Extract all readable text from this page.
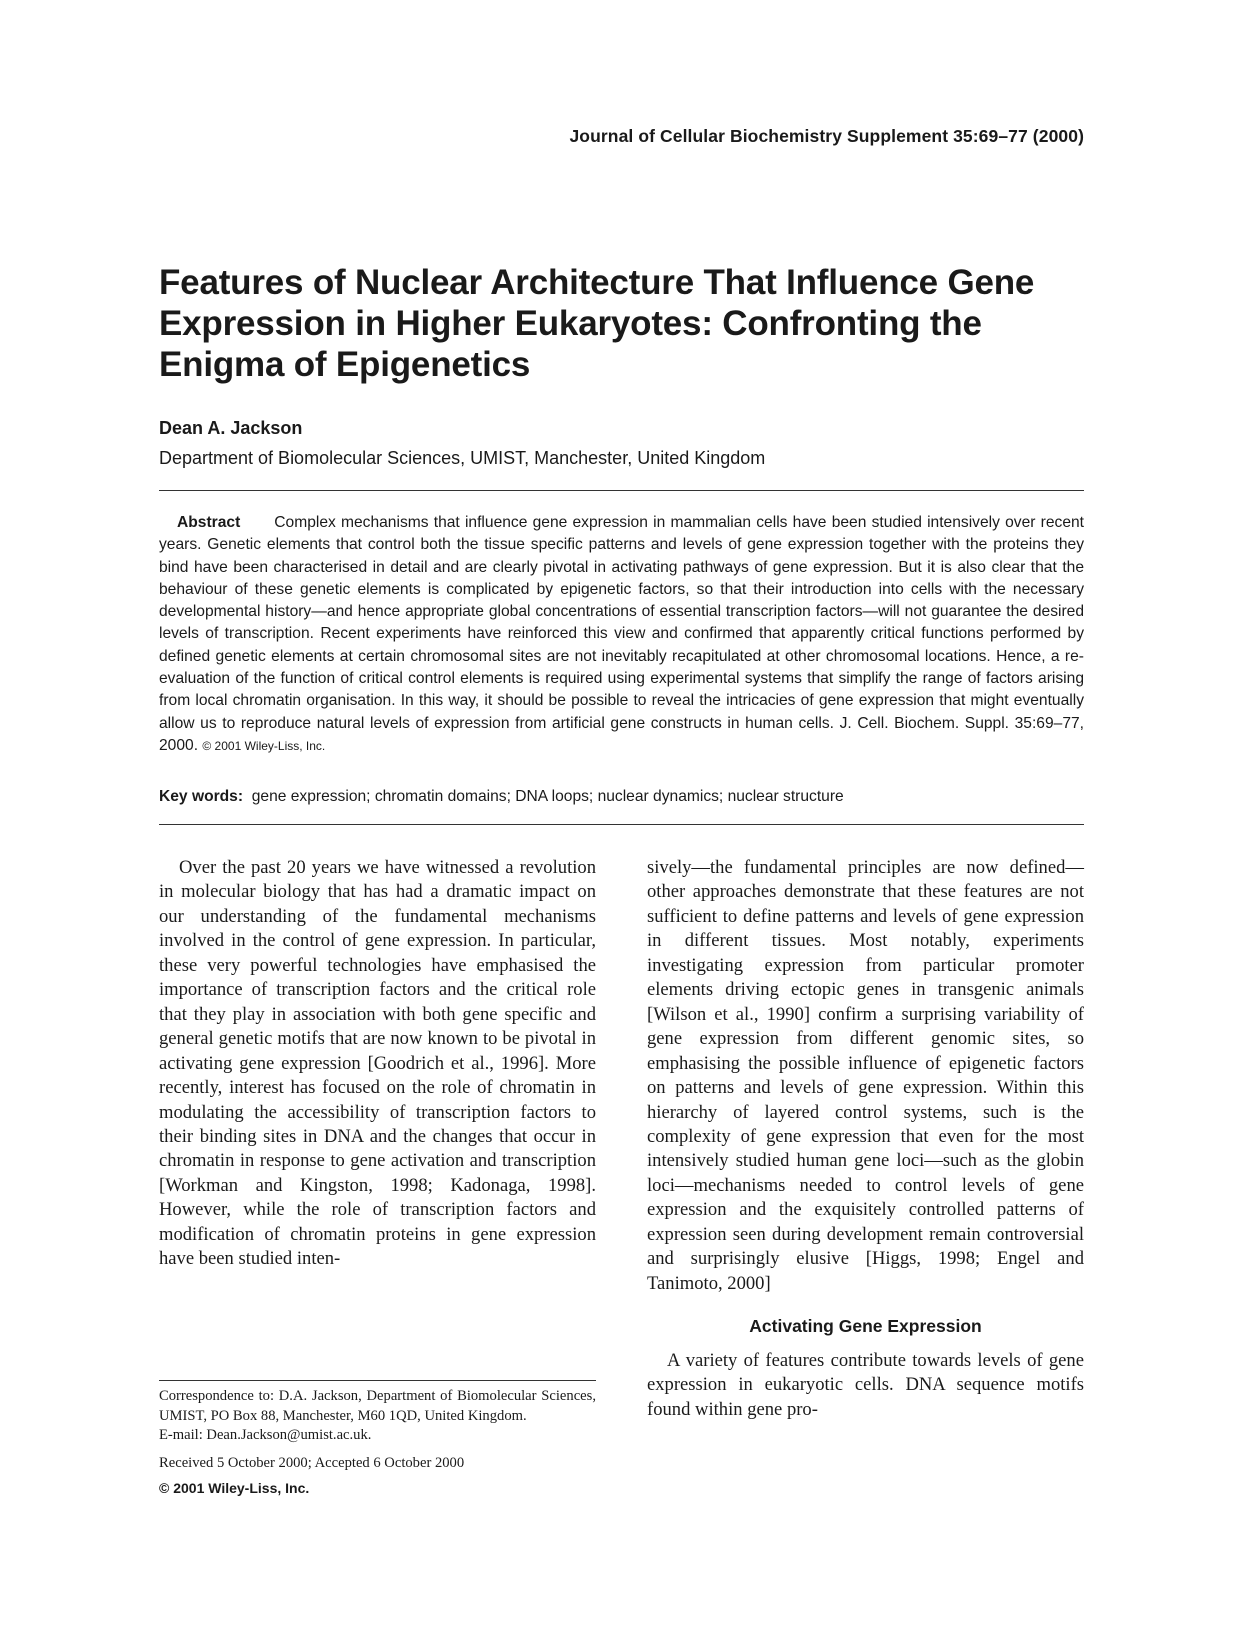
Journal of Cellular Biochemistry Supplement 35:69–77 (2000)
Features of Nuclear Architecture That Influence Gene
Expression in Higher Eukaryotes: Confronting the
Enigma of Epigenetics
Dean A. Jackson
Department of Biomolecular Sciences, UMIST, Manchester, United Kingdom
Abstract Complex mechanisms that influence gene expression in mammalian cells have been studied intensively over recent years. Genetic elements that control both the tissue specific patterns and levels of gene expression together with the proteins they bind have been characterised in detail and are clearly pivotal in activating pathways of gene expression. But it is also clear that the behaviour of these genetic elements is complicated by epigenetic factors, so that their introduction into cells with the necessary developmental history—and hence appropriate global concentrations of essential transcription factors—will not guarantee the desired levels of transcription. Recent experiments have reinforced this view and confirmed that apparently critical functions performed by defined genetic elements at certain chromosomal sites are not inevitably recapitulated at other chromosomal locations. Hence, a re-evaluation of the function of critical control elements is required using experimental systems that simplify the range of factors arising from local chromatin organisation. In this way, it should be possible to reveal the intricacies of gene expression that might eventually allow us to reproduce natural levels of expression from artificial gene constructs in human cells. J. Cell. Biochem. Suppl. 35:69–77, 2000. © 2001 Wiley-Liss, Inc.
Key words: gene expression; chromatin domains; DNA loops; nuclear dynamics; nuclear structure

Over the past 20 years we have witnessed a revolution in molecular biology that has had a dramatic impact on our understanding of the fundamental mechanisms involved in the control of gene expression. In particular, these very powerful technologies have emphasised the importance of transcription factors and the critical role that they play in association with both gene specific and general genetic motifs that are now known to be pivotal in activating gene expression [Goodrich et al., 1996]. More recently, interest has focused on the role of chromatin in modulating the accessibility of transcription factors to their binding sites in DNA and the changes that occur in chromatin in response to gene activation and transcription [Workman and Kingston, 1998; Kadonaga, 1998]. However, while the role of transcription factors and modification of chromatin proteins in gene expression have been studied inten-

sively—the fundamental principles are now defined—other approaches demonstrate that these features are not sufficient to define patterns and levels of gene expression in different tissues. Most notably, experiments investigating expression from particular promoter elements driving ectopic genes in transgenic animals [Wilson et al., 1990] confirm a surprising variability of gene expression from different genomic sites, so emphasising the possible influence of epigenetic factors on patterns and levels of gene expression. Within this hierarchy of layered control systems, such is the complexity of gene expression that even for the most intensively studied human gene loci—such as the globin loci—mechanisms needed to control levels of gene expression and the exquisitely controlled patterns of expression seen during development remain controversial and surprisingly elusive [Higgs, 1998; Engel and Tanimoto, 2000]

Activating Gene Expression

A variety of features contribute towards levels of gene expression in eukaryotic cells. DNA sequence motifs found within gene pro-

Correspondence to: D.A. Jackson, Department of Biomolecular Sciences, UMIST, PO Box 88, Manchester, M60 1QD, United Kingdom.

E-mail: Dean.Jackson@umist.ac.uk.

Received 5 October 2000; Accepted 6 October 2000

© 2001 Wiley-Liss, Inc.
